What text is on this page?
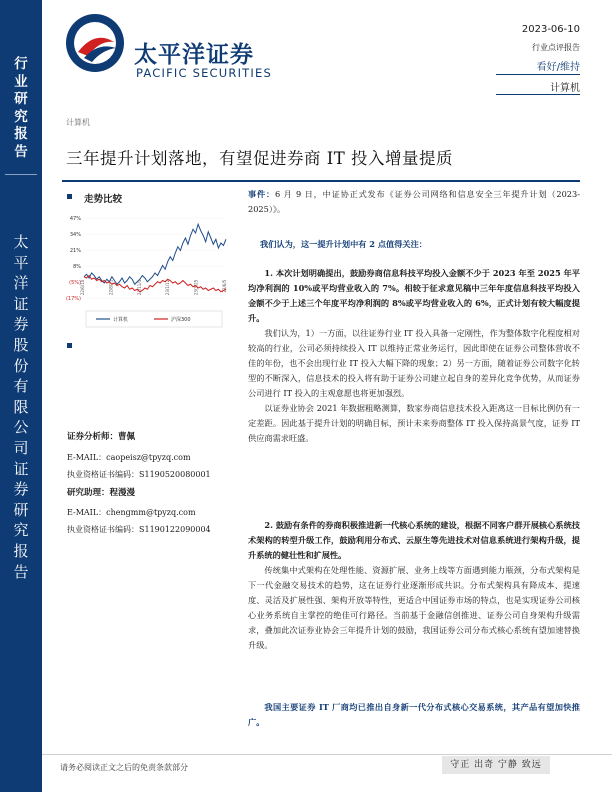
行
业
研
究
报
告
太
平
洋
证
券
股
份
有
限
公
司
证
券
研
究
报
告
太平洋证券
PACIFIC SECURITIES
2023-06-10
行业点评报告
看好/维持
计算机
计算机
三年提升计划落地，有望促进券商 IT 投入增量提质
走势比较
47%
34%
21%
8%
(5%)
(17%)
22/6/10	22/8/21	22/11/1	23/1/12	23/3/25	23/6/5
计算机	沪深300
证券分析师：曹佩
E-MAIL：caopeisz@tpyzq.com
执业资格证书编码：S1190520080001
研究助理：程漫漫
E-MAIL：chengmm@tpyzq.com
执业资格证书编码：S1190122090004

事件：6 月 9 日，中证协正式发布《证券公司网络和信息安全三年提升计划（2023-2025）》。

我们认为，这一提升计划中有 2 点值得关注：

1. 本次计划明确提出，鼓励券商信息科技平均投入金额不少于 2023 年至 2025 年平均净利润的 10%或平均营业收入的 7%。相较于征求意见稿中三年年度信息科技平均投入金额不少于上述三个年度平均净利润的 8%或平均营业收入的 6%，正式计划有较大幅度提升。

我们认为，1）一方面，以往证券行业 IT 投入具备一定刚性，作为整体数字化程度相对较高的行业，公司必须持续投入 IT 以维持正常业务运行，因此即使在证券公司整体营收不佳的年份，也不会出现行业 IT 投入大幅下降的现象；2）另一方面，随着证券公司数字化转型的不断深入，信息技术的投入将有助于证券公司建立起自身的差异化竞争优势，从而证券公司进行 IT 投入的主观意愿也将更加强烈。

以证券业协会 2021 年数据粗略测算，数家券商信息技术投入距离这一目标比例仍有一定差距。因此基于提升计划的明确目标，预计未来券商整体 IT 投入保持高景气度，证券 IT 供应商需求旺盛。

2. 鼓励有条件的券商积极推进新一代核心系统的建设，根据不同客户群开展核心系统技术架构的转型升级工作，鼓励利用分布式、云原生等先进技术对信息系统进行架构升级，提升系统的健壮性和扩展性。

传统集中式架构在处理性能、资源扩展、业务上线等方面遇到能力瓶颈，分布式架构是下一代金融交易技术的趋势，这在证券行业逐渐形成共识。分布式架构具有降成本、提速度、灵活及扩展性强、架构开放等特性，更适合中国证券市场的特点，也是实现证券公司核心业务系统自主掌控的绝佳可行路径。当前基于金融信创推进、证券公司自身架构升级需求，叠加此次证券业协会三年提升计划的鼓励，我国证券公司分布式核心系统有望加速替换升级。

我国主要证券 IT 厂商均已推出自身新一代分布式核心交易系统，其产品有望加快推广。
请务必阅读正文之后的免责条款部分	守正 出奇 宁静 致远
